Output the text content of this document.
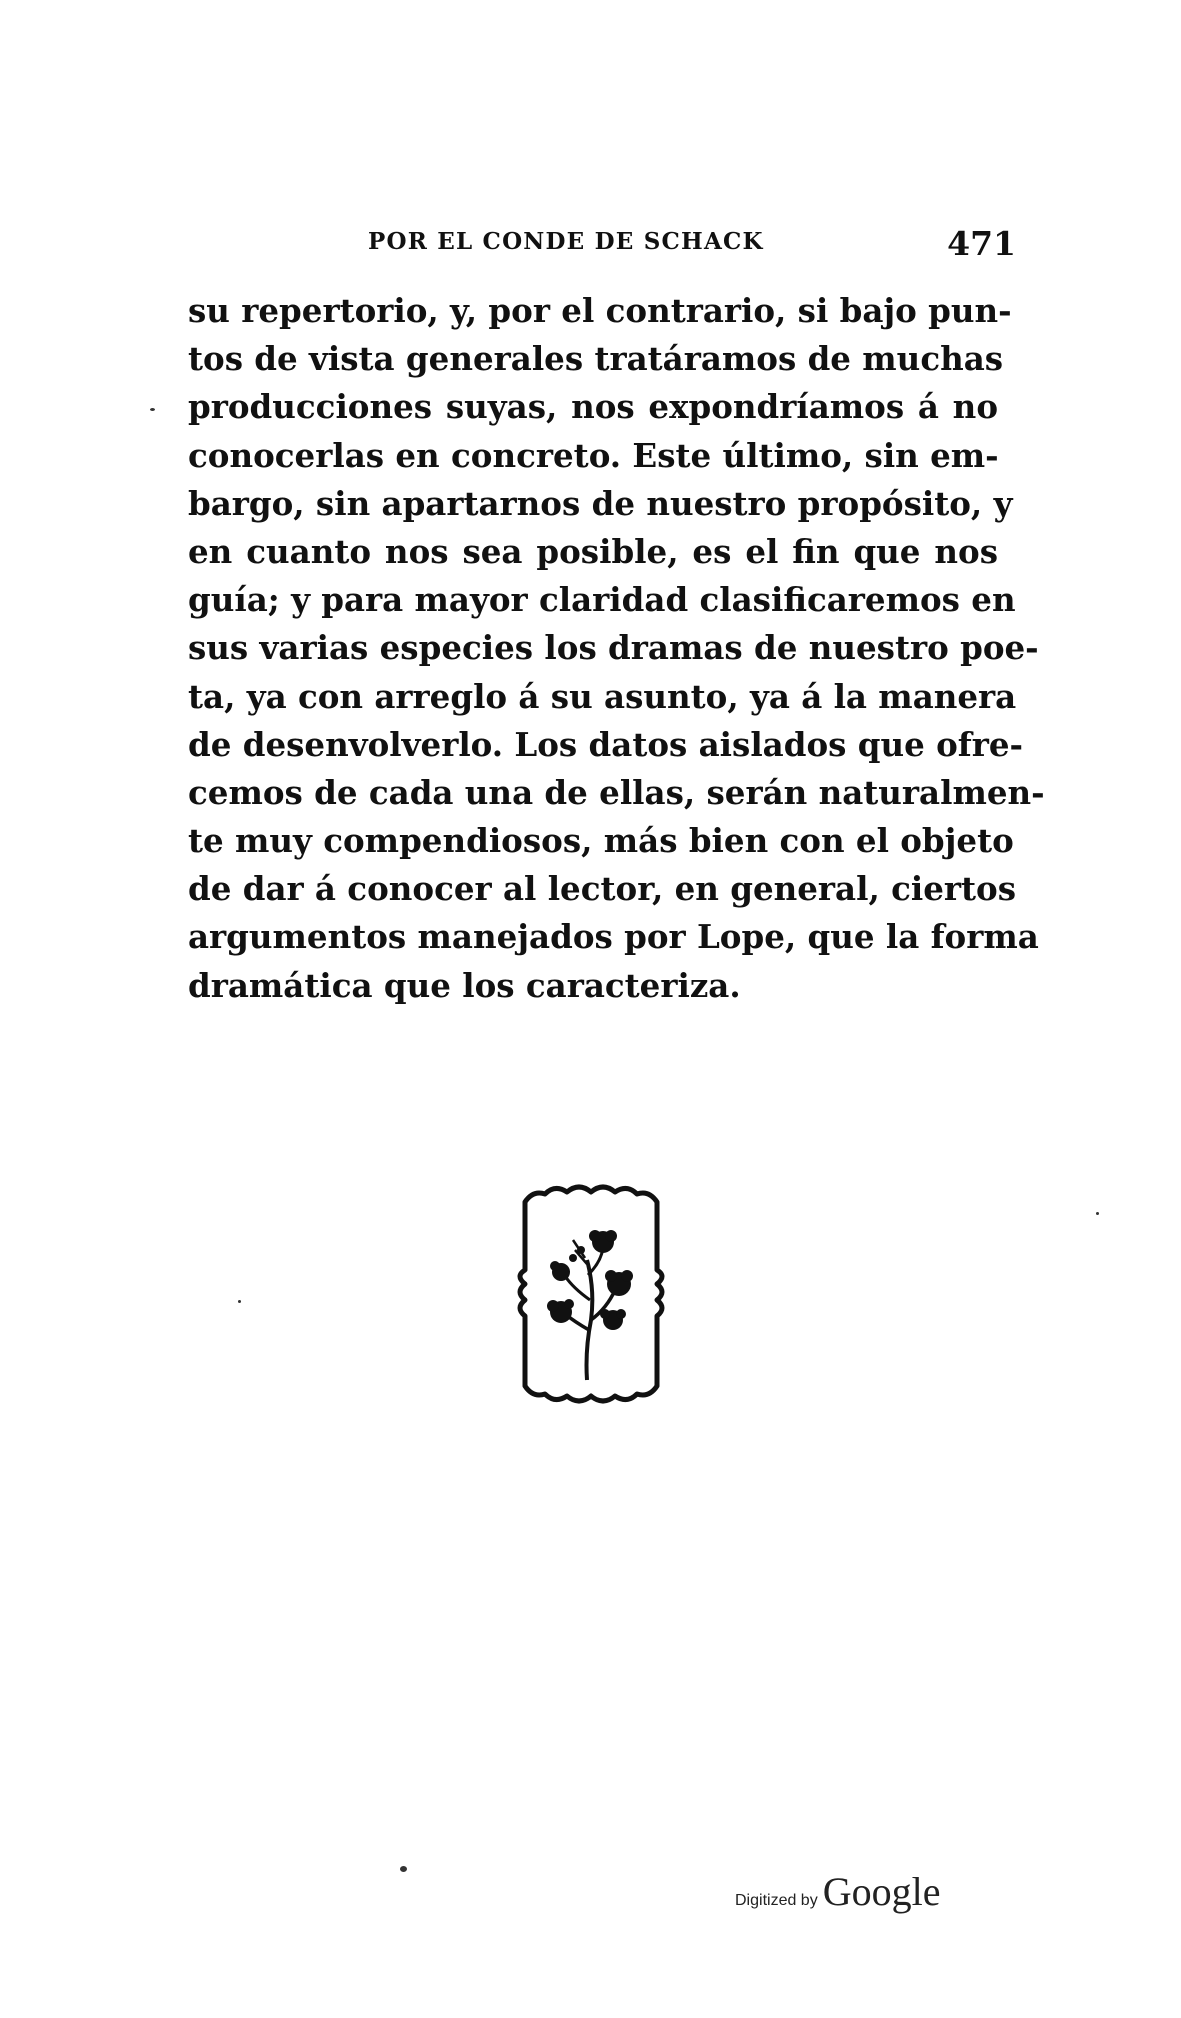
POR EL CONDE DE SCHACK	471
su repertorio, y, por el contrario, si bajo pun-
tos de vista generales tratáramos de muchas
producciones suyas, nos expondríamos á no
conocerlas en concreto. Este último, sin em-
bargo, sin apartarnos de nuestro propósito, y
en cuanto nos sea posible, es el fin que nos
guía; y para mayor claridad clasificaremos en
sus varias especies los dramas de nuestro poe-
ta, ya con arreglo á su asunto, ya á la manera
de desenvolverlo. Los datos aislados que ofre-
cemos de cada una de ellas, serán naturalmen-
te muy compendiosos, más bien con el objeto
de dar á conocer al lector, en general, ciertos
argumentos manejados por Lope, que la forma
dramática que los caracteriza.
Digitized by Google
